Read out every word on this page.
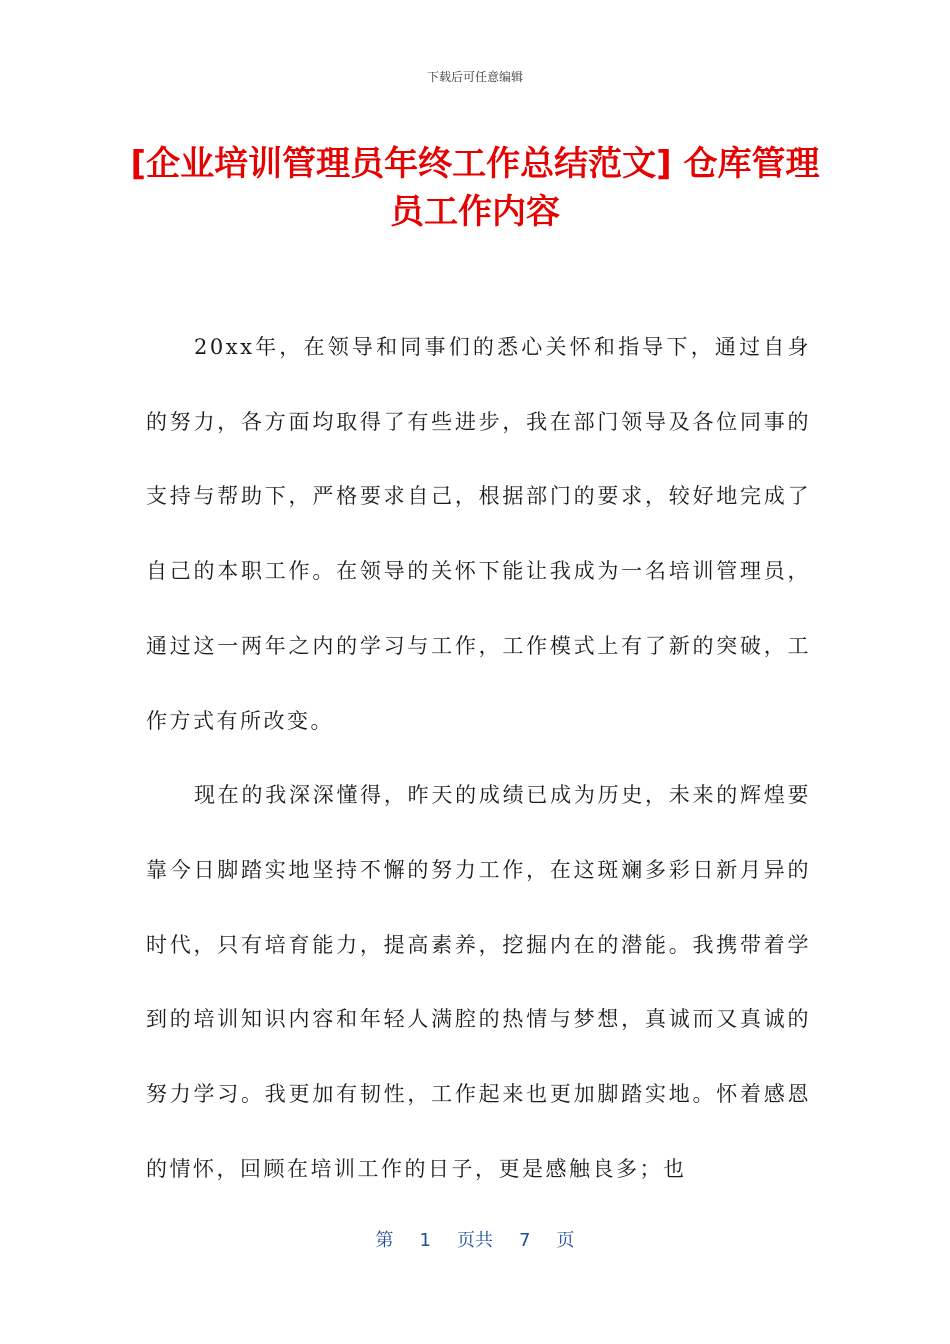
下载后可任意编辑
[企业培训管理员年终工作总结范文] 仓库管理员工作内容

20xx年，在领导和同事们的悉心关怀和指导下，通过自身的努力，各方面均取得了有些进步，我在部门领导及各位同事的支持与帮助下，严格要求自己，根据部门的要求，较好地完成了自己的本职工作。在领导的关怀下能让我成为一名培训管理员，通过这一两年之内的学习与工作，工作模式上有了新的突破，工作方式有所改变。

现在的我深深懂得，昨天的成绩已成为历史，未来的辉煌要靠今日脚踏实地坚持不懈的努力工作，在这斑斓多彩日新月异的时代，只有培育能力，提高素养，挖掘内在的潜能。我携带着学到的培训知识内容和年轻人满腔的热情与梦想，真诚而又真诚的努力学习。我更加有韧性，工作起来也更加脚踏实地。怀着感恩的情怀，回顾在培训工作的日子，更是感触良多；也

第 1 页共 7 页
